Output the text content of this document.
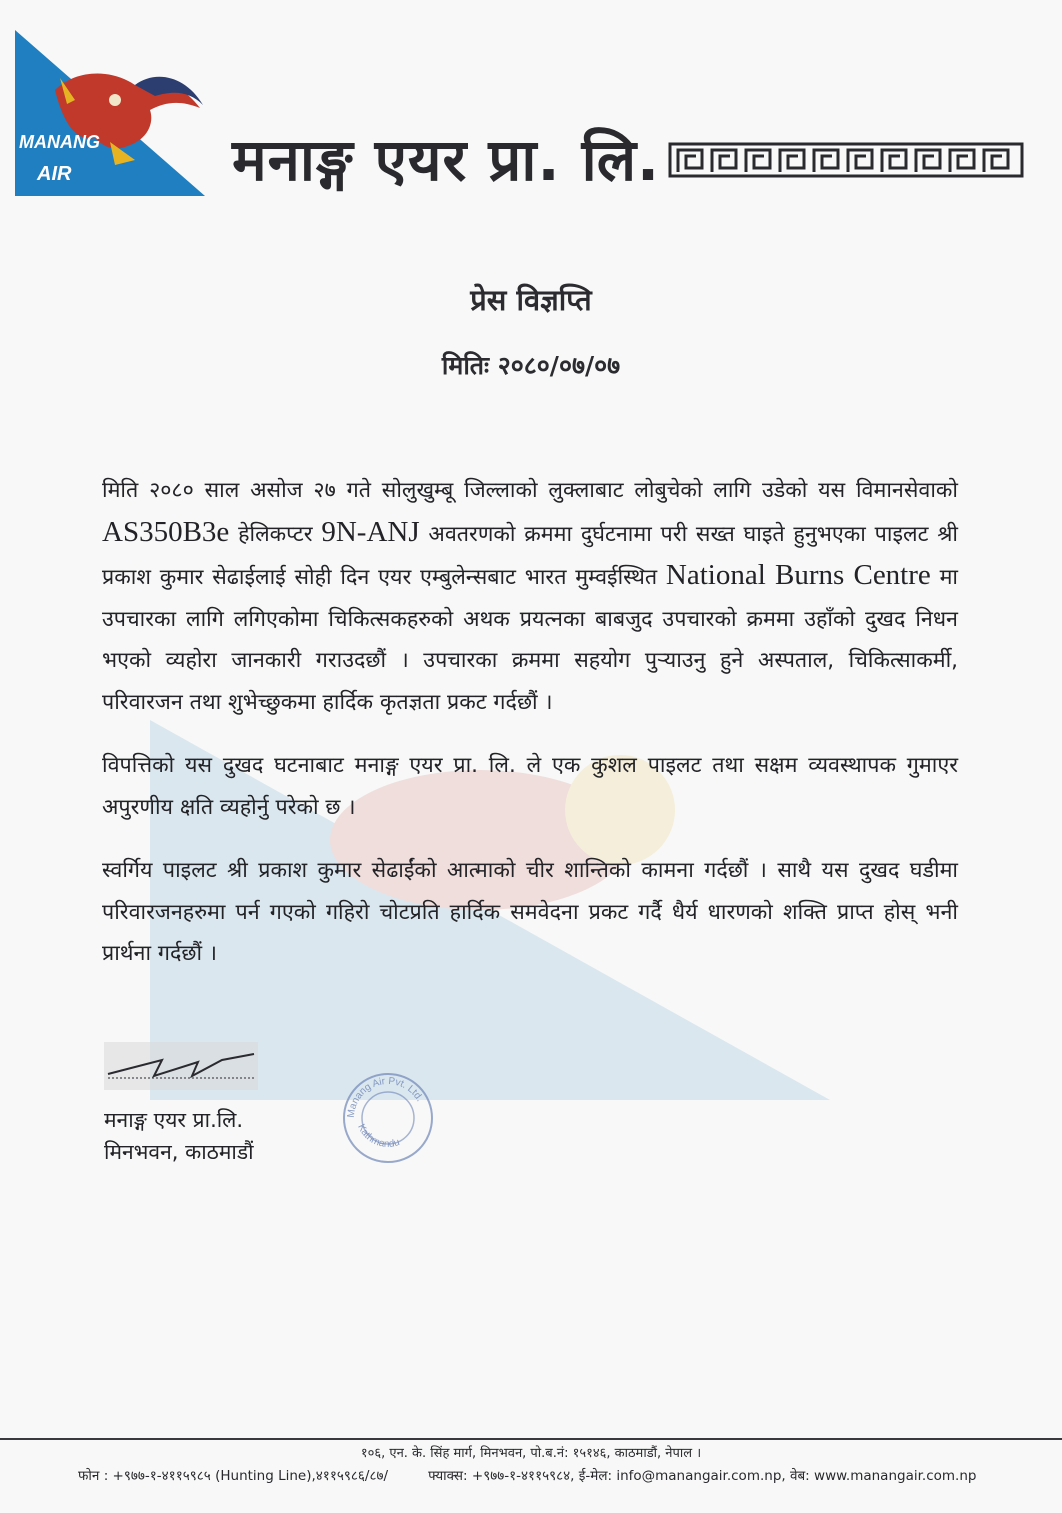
MANANG
AIR	मनाङ्ग एयर प्रा. लि.
प्रेस विज्ञप्ति
मितिः २०८०/०७/०७

मिति २०८० साल असोज २७ गते सोलुखुम्बू जिल्लाको लुक्लाबाट लोबुचेको लागि उडेको यस विमानसेवाको AS350B3e हेलिकप्टर 9N-ANJ अवतरणको क्रममा दुर्घटनामा परी सख्त घाइते हुनुभएका पाइलट श्री प्रकाश कुमार सेढाईलाई सोही दिन एयर एम्बुलेन्सबाट भारत मुम्वईस्थित National Burns Centre मा उपचारका लागि लगिएकोमा चिकित्सकहरुको अथक प्रयत्नका बाबजुद उपचारको क्रममा उहाँको दुखद निधन भएको व्यहोरा जानकारी गराउदछौं । उपचारका क्रममा सहयोग पुऱ्याउनु हुने अस्पताल, चिकित्साकर्मी, परिवारजन तथा शुभेच्छुकमा हार्दिक कृतज्ञता प्रकट गर्दछौं ।

विपत्तिको यस दुखद घटनाबाट मनाङ्ग एयर प्रा. लि. ले एक कुशल पाइलट तथा सक्षम व्यवस्थापक गुमाएर अपुरणीय क्षति व्यहोर्नु परेको छ ।

स्वर्गिय पाइलट श्री प्रकाश कुमार सेढाईंको आत्माको चीर शान्तिको कामना गर्दछौं । साथै यस दुखद घडीमा परिवारजनहरुमा पर्न गएको गहिरो चोटप्रति हार्दिक समवेदना प्रकट गर्दै धैर्य धारणको शक्ति प्राप्त होस् भनी प्रार्थना गर्दछौं ।

मनाङ्ग एयर प्रा.लि.
मिनभवन, काठमाडौं
Manang Air Pvt. Ltd.
Kathmandu
१०६, एन. के. सिंह मार्ग, मिनभवन, पो.ब.नं: १५१४६, काठमाडौं, नेपाल ।
फोन : +९७७-१-४११५९८५ (Hunting Line),४११५९८६/८७/	फ्याक्स: +९७७-१-४११५९८४, ई-मेल: info@manangair.com.np, वेब: www.manangair.com.np
